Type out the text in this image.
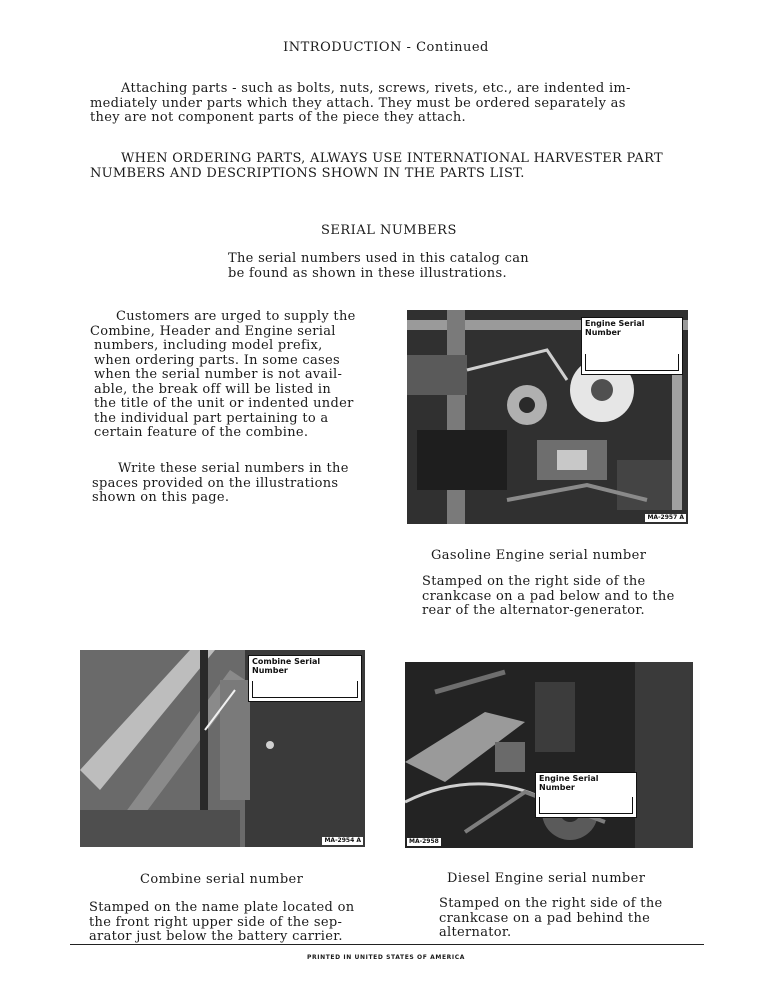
INTRODUCTION - Continued
Attaching parts - such as bolts, nuts, screws, rivets, etc., are indented im-
mediately under parts which they attach. They must be ordered separately as
they are not component parts of the piece they attach.
WHEN ORDERING PARTS, ALWAYS USE INTERNATIONAL HARVESTER PART
NUMBERS AND DESCRIPTIONS SHOWN IN THE PARTS LIST.
SERIAL NUMBERS
The serial numbers used in this catalog can
be found as shown in these illustrations.
Customers are urged to supply the
Combine, Header and Engine serial
numbers, including model prefix,
when ordering parts. In some cases
when the serial number is not avail-
able, the break off will be listed in
the title of the unit or indented under
the individual part pertaining to a
certain feature of the combine.
Write these serial numbers in the
spaces provided on the illustrations
shown on this page.
Engine Serial Number
MA-2957 A
Gasoline Engine serial number
Stamped on the right side of the
crankcase on a pad below and to the
rear of the alternator-generator.
Combine Serial Number
MA-2954 A
Combine serial number
Stamped on the name plate located on
the front right upper side of the sep-
arator just below the battery carrier.
Engine Serial Number
MA-2958
Diesel Engine serial number
Stamped on the right side of the
crankcase on a pad behind the
alternator.
PRINTED IN UNITED STATES OF AMERICA
